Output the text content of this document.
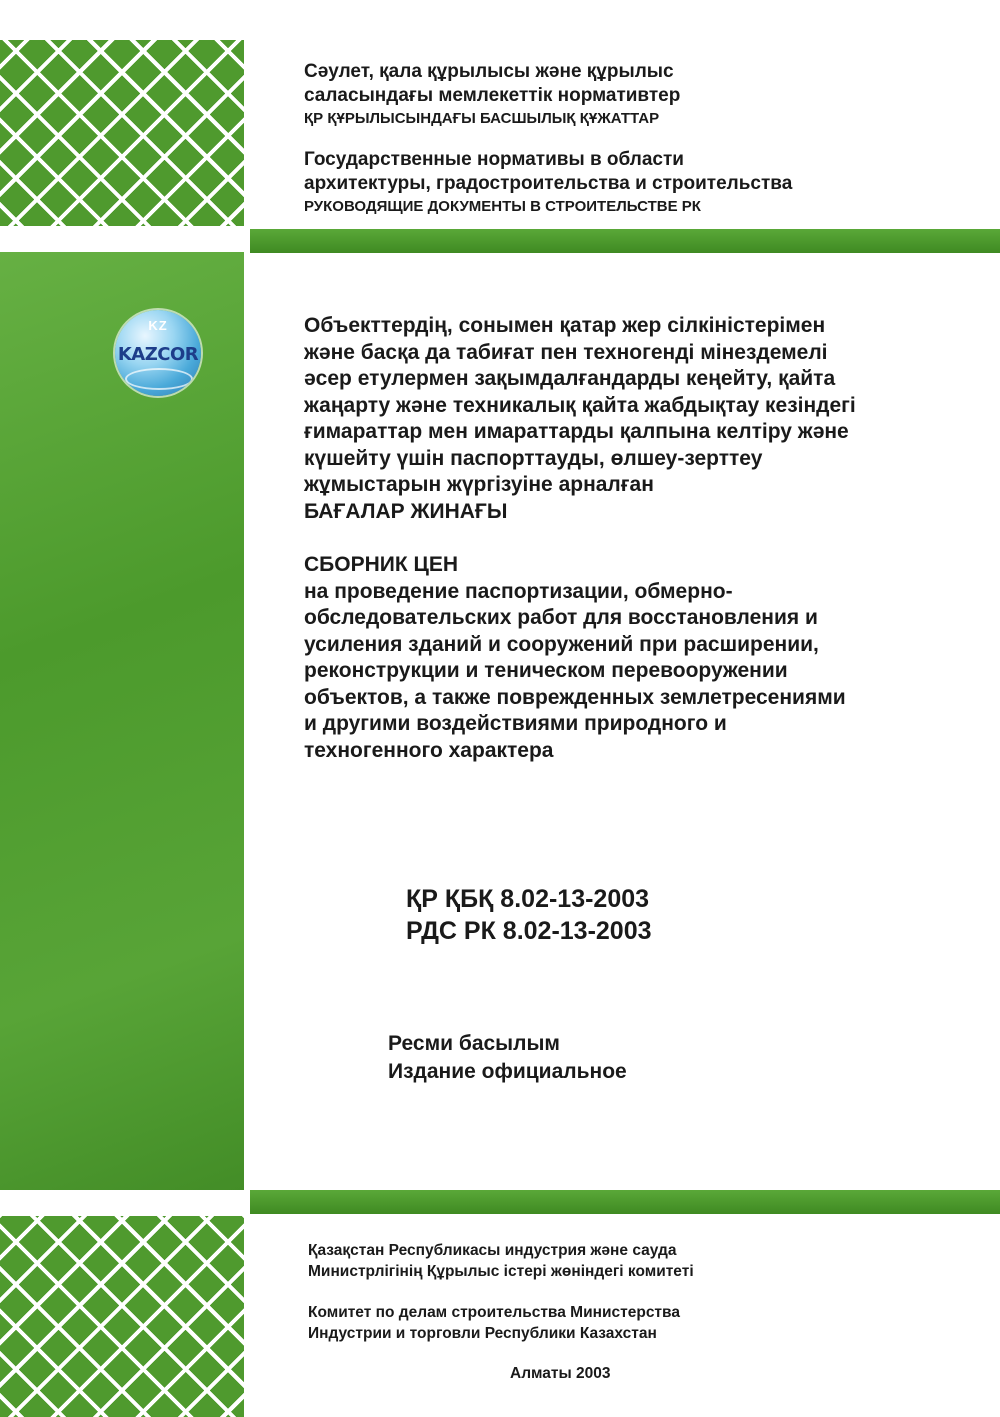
KZ
KAZCOR
Сәулет, қала құрылысы және құрылыс
саласындағы мемлекеттік нормативтер
ҚР ҚҰРЫЛЫСЫНДАҒЫ БАСШЫЛЫҚ ҚҰЖАТТАР
Государственные нормативы в области
архитектуры, градостроительства и строительства
РУКОВОДЯЩИЕ ДОКУМЕНТЫ В СТРОИТЕЛЬСТВЕ РК
Объекттердің, сонымен қатар жер сілкіністерімен
және басқа да табиғат пен техногенді мінездемелі
әсер етулермен зақымдалғандарды кеңейту, қайта
жаңарту және техникалық қайта жабдықтау кезіндегі
ғимараттар мен имараттарды қалпына келтіру және
күшейту үшін паспорттауды, өлшеу-зерттеу
жұмыстарын жүргізуіне арналған
БАҒАЛАР ЖИНАҒЫ
СБОРНИК ЦЕН
на проведение паспортизации, обмерно-
обследовательских работ для восстановления и
усиления зданий и сооружений при расширении,
реконструкции и теническом перевооружении
объектов, а также поврежденных землетресениями
и другими воздействиями природного и
техногенного характера
ҚР ҚБҚ 8.02-13-2003
РДС РК 8.02-13-2003
Ресми басылым
Издание официальное
Қазақстан Республикасы индустрия және сауда
Министрлігінің Құрылыс істері жөніндегі комитеті
Комитет по делам строительства Министерства
Индустрии и торговли Республики Казахстан
Алматы 2003
